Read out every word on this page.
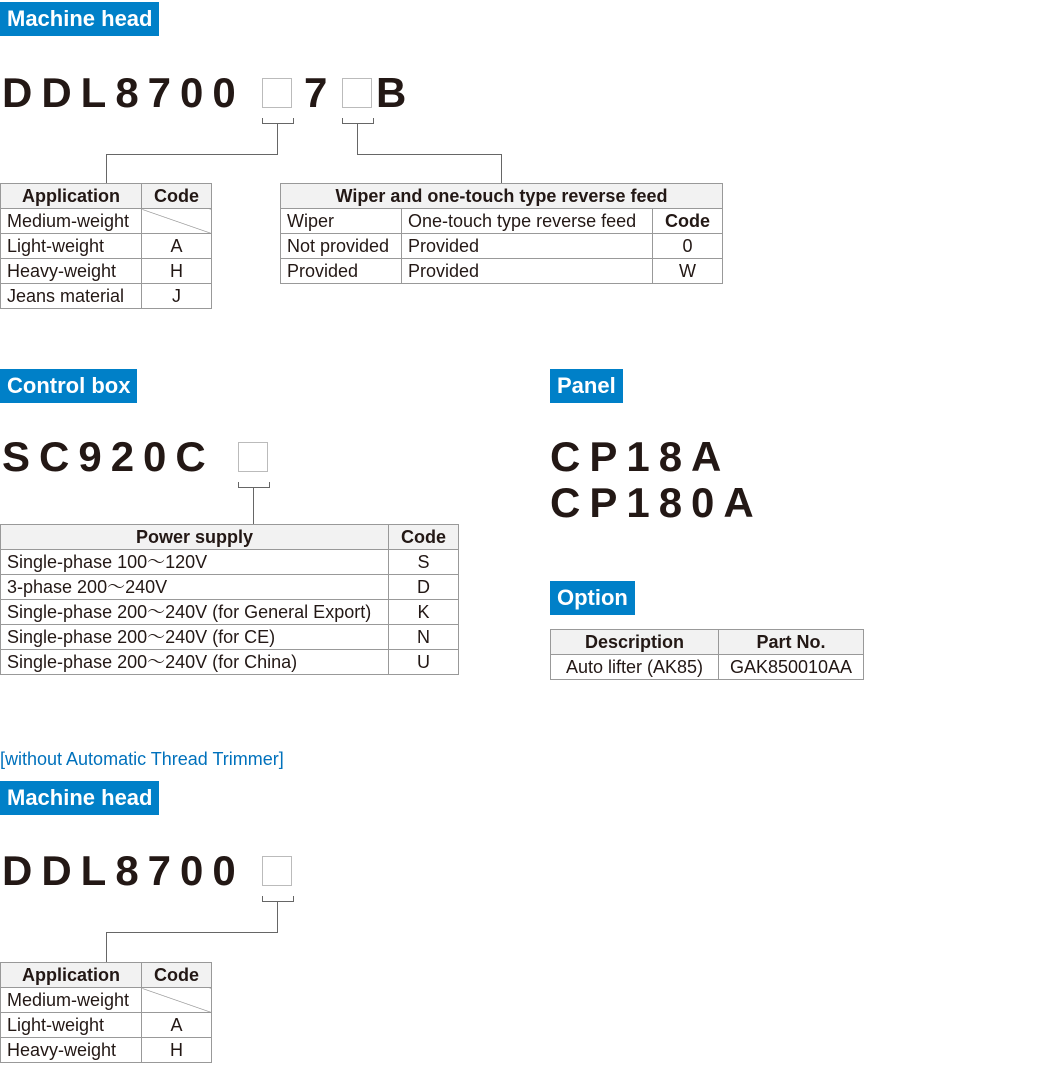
Machine head
DDL8700 7 B
Application	Code
Medium-weight	
Light-weight	A
Heavy-weight	H
Jeans material	J
Wiper and one-touch type reverse feed		
Wiper	One-touch type reverse feed	Code
Not provided	Provided	0
Provided	Provided	W
Control box
SC920C
Power supply	Code
Single-phase 100〜120V	S
3-phase 200〜240V	D
Single-phase 200〜240V (for General Export)	K
Single-phase 200〜240V (for CE)	N
Single-phase 200〜240V (for China)	U
Panel
CP18A
CP180A
Option
Description	Part No.
Auto lifter (AK85)	GAK850010AA
[without Automatic Thread Trimmer]
Machine head
DDL8700
Application	Code
Medium-weight	
Light-weight	A
Heavy-weight	H
